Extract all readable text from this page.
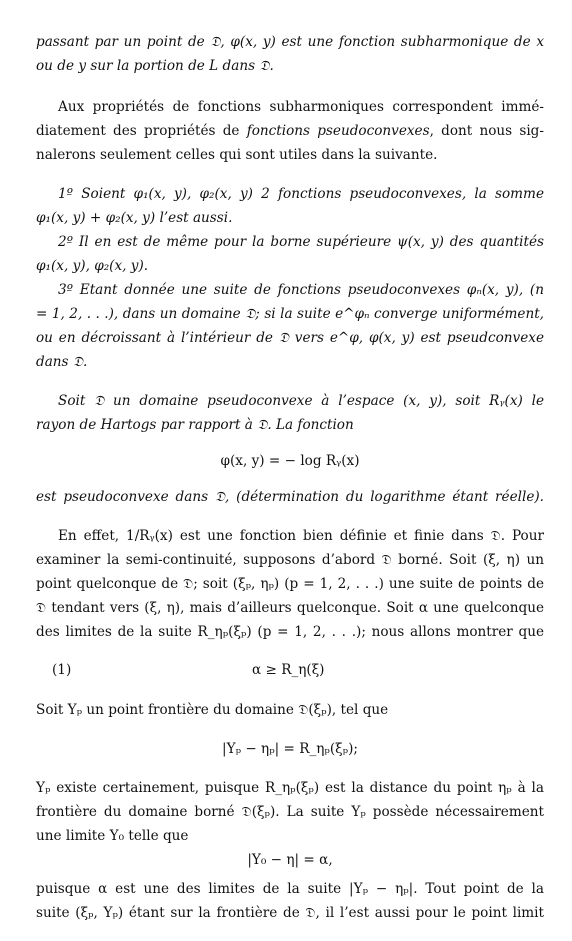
passant par un point de 𝔇, φ(x, y) est une fonction subharmonique de x
ou de y sur la portion de L dans 𝔇.
Aux propriétés de fonctions subharmoniques correspondent immé-
diatement des propriétés de fonctions pseudoconvexes, dont nous sig-
nalerons seulement celles qui sont utiles dans la suivante.
1º Soient φ₁(x, y), φ₂(x, y) 2 fonctions pseudoconvexes, la somme
φ₁(x, y) + φ₂(x, y) l’est aussi.
2º Il en est de même pour la borne supérieure ψ(x, y) des quantités
φ₁(x, y), φ₂(x, y).
3º Etant donnée une suite de fonctions pseudoconvexes φₙ(x, y), (n
= 1, 2, . . .), dans un domaine 𝔇; si la suite e^φₙ converge uniformément,
ou en décroissant à l’intérieur de 𝔇 vers e^φ, φ(x, y) est pseudconvexe
dans 𝔇.
Soit 𝔇 un domaine pseudoconvexe à l’espace (x, y), soit Rᵧ(x) le
rayon de Hartogs par rapport à 𝔇. La fonction
φ(x, y) = − log Rᵧ(x)
est pseudoconvexe dans 𝔇, (détermination du logarithme étant réelle).
En effet, 1/Rᵧ(x) est une fonction bien définie et finie dans 𝔇. Pour
examiner la semi-continuité, supposons d’abord 𝔇 borné. Soit (ξ, η) un
point quelconque de 𝔇; soit (ξₚ, ηₚ) (p = 1, 2, . . .) une suite de points de
𝔇 tendant vers (ξ, η), mais d’ailleurs quelconque. Soit α une quelconque
des limites de la suite R_ηₚ(ξₚ) (p = 1, 2, . . .); nous allons montrer que
(1)	α ≥ R_η(ξ)
Soit Yₚ un point frontière du domaine 𝔇(ξₚ), tel que
|Yₚ − ηₚ| = R_ηₚ(ξₚ);
Yₚ existe certainement, puisque R_ηₚ(ξₚ) est la distance du point ηₚ à la
frontière du domaine borné 𝔇(ξₚ). La suite Yₚ possède nécessairement
une limite Y₀ telle que
|Y₀ − η| = α,
puisque α est une des limites de la suite |Yₚ − ηₚ|. Tout point de la
suite (ξₚ, Yₚ) étant sur la frontière de 𝔇, il l’est aussi pour le point limit
